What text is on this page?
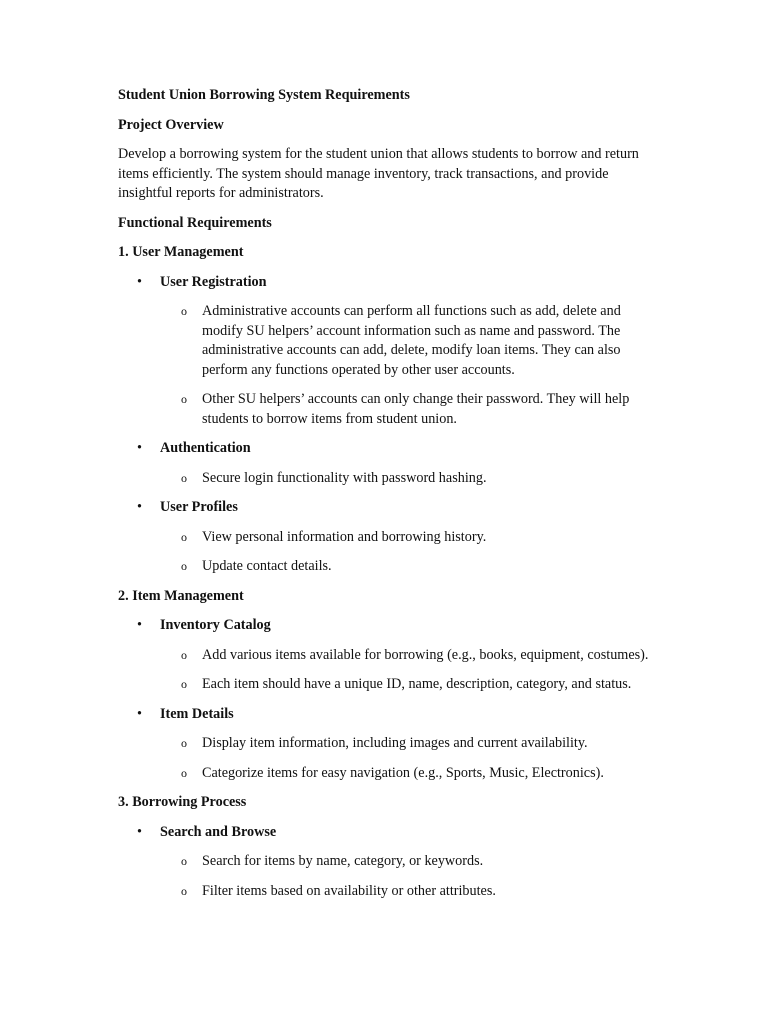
Student Union Borrowing System Requirements

Project Overview

Develop a borrowing system for the student union that allows students to borrow and return items efficiently. The system should manage inventory, track transactions, and provide insightful reports for administrators.

Functional Requirements

1. User Management

• User Registration
o Administrative accounts can perform all functions such as add, delete and modify SU helpers’ account information such as name and password. The administrative accounts can add, delete, modify loan items. They can also perform any functions operated by other user accounts.
o Other SU helpers’ accounts can only change their password. They will help students to borrow items from student union.
• Authentication
o Secure login functionality with password hashing.
• User Profiles
o View personal information and borrowing history.
o Update contact details.

2. Item Management

• Inventory Catalog
o Add various items available for borrowing (e.g., books, equipment, costumes).
o Each item should have a unique ID, name, description, category, and status.
• Item Details
o Display item information, including images and current availability.
o Categorize items for easy navigation (e.g., Sports, Music, Electronics).

3. Borrowing Process

• Search and Browse
o Search for items by name, category, or keywords.
o Filter items based on availability or other attributes.
